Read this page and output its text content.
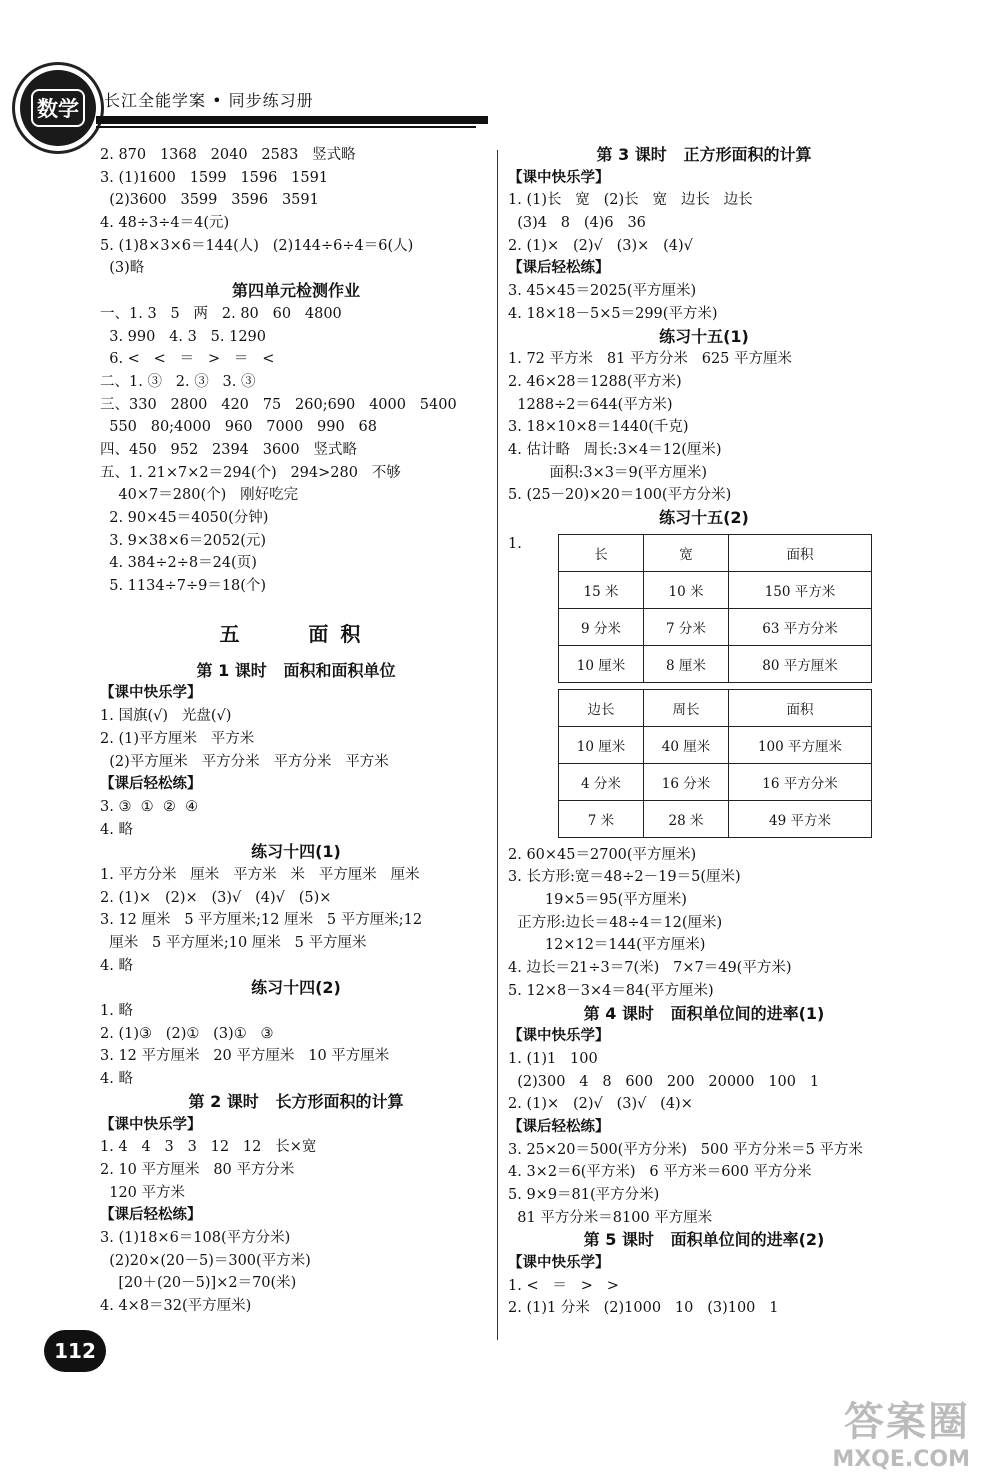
数学	长江全能学案 • 同步练习册
2. 870   1368   2040   2583   竖式略
3. (1)1600   1599   1596   1591
(2)3600   3599   3596   3591
4. 48÷3÷4＝4(元)
5. (1)8×3×6＝144(人)   (2)144÷6÷4＝6(人)
(3)略
第四单元检测作业
一、1. 3   5   两   2. 80   60   4800
3. 990   4. 3   5. 1290
6. <   <   ＝   >   ＝   <
二、1. ③   2. ③   3. ③
三、330   2800   420   75   260;690   4000   5400
550   80;4000   960   7000   990   68
四、450   952   2394   3600   竖式略
五、1. 21×7×2＝294(个)   294>280   不够
40×7＝280(个)   刚好吃完
2. 90×45＝4050(分钟)
3. 9×38×6＝2052(元)
4. 384÷2÷8＝24(页)
5. 1134÷7÷9＝18(个)
五   面积
第 1 课时   面积和面积单位
【课中快乐学】
1. 国旗(√)   光盘(√)
2. (1)平方厘米   平方米
(2)平方厘米   平方分米   平方分米   平方米
【课后轻松练】
3. ③  ①  ②  ④
4. 略
练习十四(1)
1. 平方分米   厘米   平方米   米   平方厘米   厘米
2. (1)×   (2)×   (3)√   (4)√   (5)×
3. 12 厘米   5 平方厘米;12 厘米   5 平方厘米;12
厘米   5 平方厘米;10 厘米   5 平方厘米
4. 略
练习十四(2)
1. 略
2. (1)③   (2)①   (3)①   ③
3. 12 平方厘米   20 平方厘米   10 平方厘米
4. 略
第 2 课时   长方形面积的计算
【课中快乐学】
1. 4   4   3   3   12   12   长×宽
2. 10 平方厘米   80 平方分米
120 平方米
【课后轻松练】
3. (1)18×6＝108(平方分米)
(2)20×(20－5)＝300(平方米)
[20＋(20－5)]×2＝70(米)
4. 4×8＝32(平方厘米)
第 3 课时   正方形面积的计算
【课中快乐学】
1. (1)长   宽   (2)长   宽   边长   边长
(3)4   8   (4)6   36
2. (1)×   (2)√   (3)×   (4)√
【课后轻松练】
3. 45×45＝2025(平方厘米)
4. 18×18－5×5＝299(平方米)
练习十五(1)
1. 72 平方米   81 平方分米   625 平方厘米
2. 46×28＝1288(平方米)
1288÷2＝644(平方米)
3. 18×10×8＝1440(千克)
4. 估计略   周长:3×4＝12(厘米)
面积:3×3＝9(平方厘米)
5. (25－20)×20＝100(平方分米)
练习十五(2)
1.
长	宽	面积
15 米	10 米	150 平方米
9 分米	7 分米	63 平方分米
10 厘米	8 厘米	80 平方厘米
边长	周长	面积
10 厘米	40 厘米	100 平方厘米
4 分米	16 分米	16 平方分米
7 米	28 米	49 平方米
2. 60×45＝2700(平方厘米)
3. 长方形:宽＝48÷2－19＝5(厘米)
19×5＝95(平方厘米)
正方形:边长＝48÷4＝12(厘米)
12×12＝144(平方厘米)
4. 边长＝21÷3＝7(米)   7×7＝49(平方米)
5. 12×8－3×4＝84(平方厘米)
第 4 课时   面积单位间的进率(1)
【课中快乐学】
1. (1)1   100
(2)300   4   8   600   200   20000   100   1
2. (1)×   (2)√   (3)√   (4)×
【课后轻松练】
3. 25×20＝500(平方分米)   500 平方分米＝5 平方米
4. 3×2＝6(平方米)   6 平方米＝600 平方分米
5. 9×9＝81(平方分米)
81 平方分米＝8100 平方厘米
第 5 课时   面积单位间的进率(2)
【课中快乐学】
1. <   ＝   >   >
2. (1)1 分米   (2)1000   10   (3)100   1
112
答案圈
MXQE.COM
